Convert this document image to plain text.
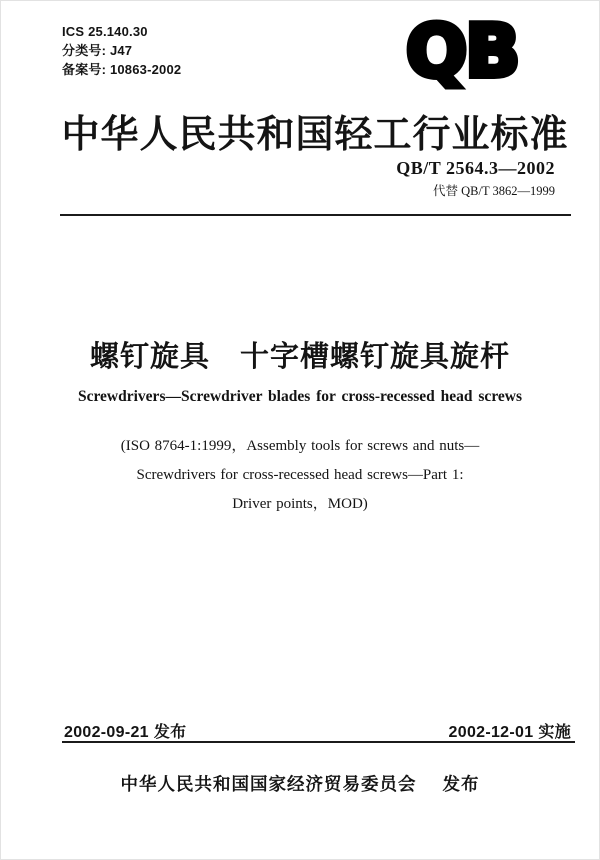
ICS 25.140.30
分类号: J47
备案号: 10863-2002	QB
中华人民共和国轻工行业标准
QB/T 2564.3—2002
代替 QB/T 3862—1999
螺钉旋具　十字槽螺钉旋具旋杆
Screwdrivers—Screwdriver blades for cross-recessed head screws
(ISO 8764-1:1999，Assembly tools for screws and nuts—
Screwdrivers for cross-recessed head screws—Part 1:
Driver points，MOD)
2002-09-21 发布	2002-12-01 实施
中华人民共和国国家经济贸易委员会 发布
